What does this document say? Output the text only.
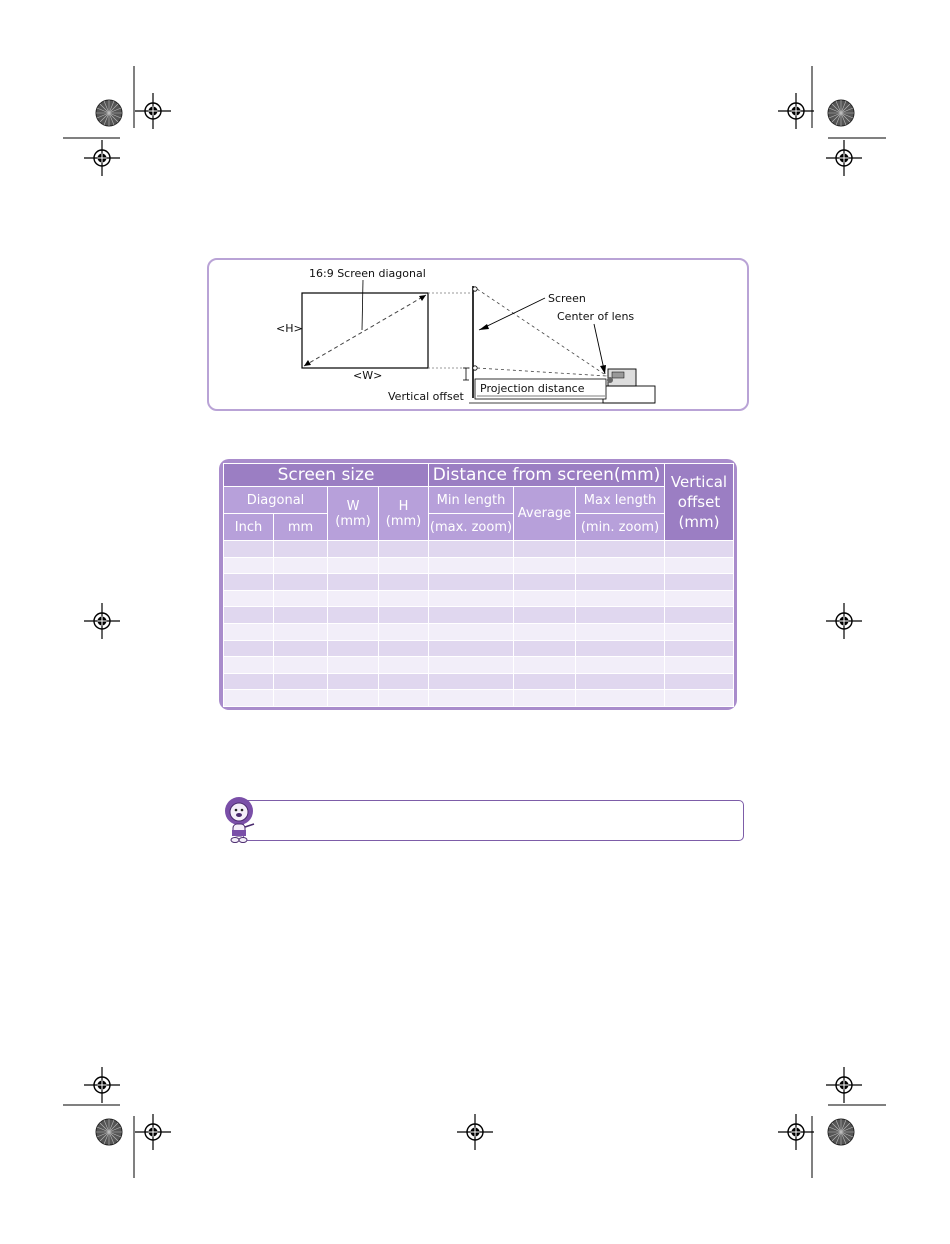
16:9 Screen diagonal
<H>
<W>
Screen
Center of lens
Vertical offset
Projection distance
Screen size				Distance from screen(mm)			Vertical offset (mm)
Diagonal		W (mm)	H (mm)	Min length	Average	Max length	
Inch	mm			(max. zoom)		(min. zoom)	
